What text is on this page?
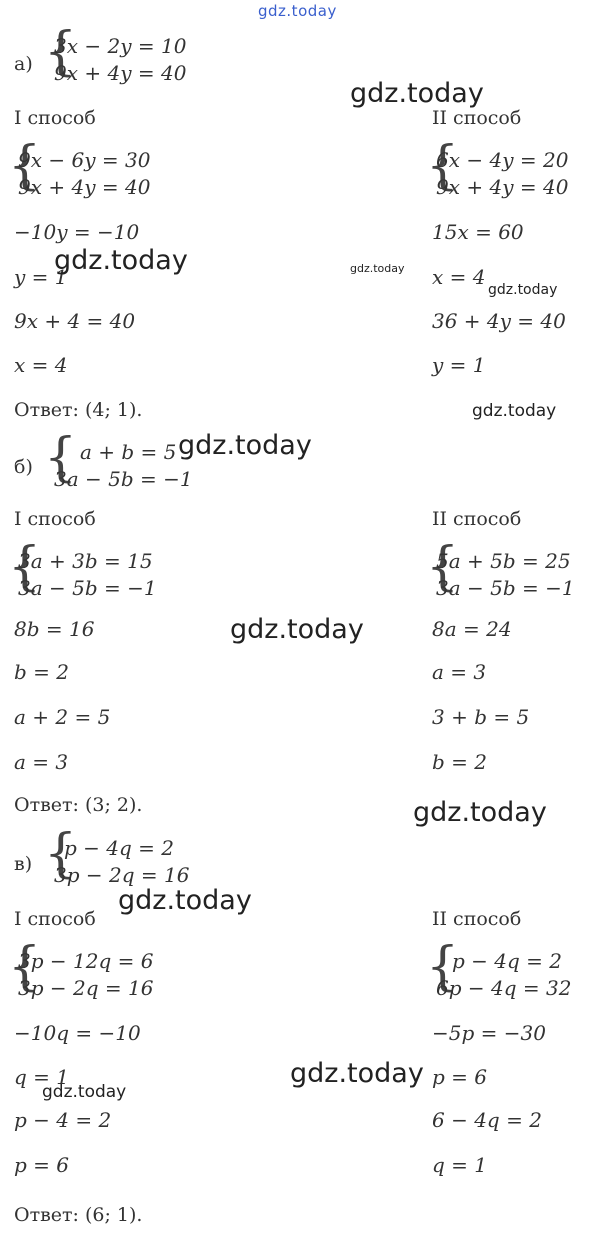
gdz.today
а) {
3x − 2y = 10
9x + 4y = 40
I способ	II способ
{
9x − 6y = 30
9x + 4y = 40	{
6x − 4y = 20
9x + 4y = 40
−10y = −10
y = 1
9x + 4 = 40
x = 4
15x = 60
x = 4
36 + 4y = 40
y = 1
Ответ: (4; 1).
б) { a + b = 5
3a − 5b = −1
I способ	II способ
{
3a + 3b = 15
3a − 5b = −1	{
5a + 5b = 25
3a − 5b = −1
8b = 16
b = 2
a + 2 = 5
a = 3
8a = 24
a = 3
3 + b = 5
b = 2
Ответ: (3; 2).
в) {
p − 4q = 2
3p − 2q = 16
I способ	II способ
{
3p − 12q = 6
3p − 2q = 16	{
p − 4q = 2
6p − 4q = 32
−10q = −10
q = 1
p − 4 = 2
p = 6
−5p = −30
p = 6
6 − 4q = 2
q = 1
Ответ: (6; 1).
gdz.today
gdz.today	gdz.today
gdz.today
gdz.today
gdz.today
gdz.today
gdz.today
gdz.today
gdz.today
gdz.today
